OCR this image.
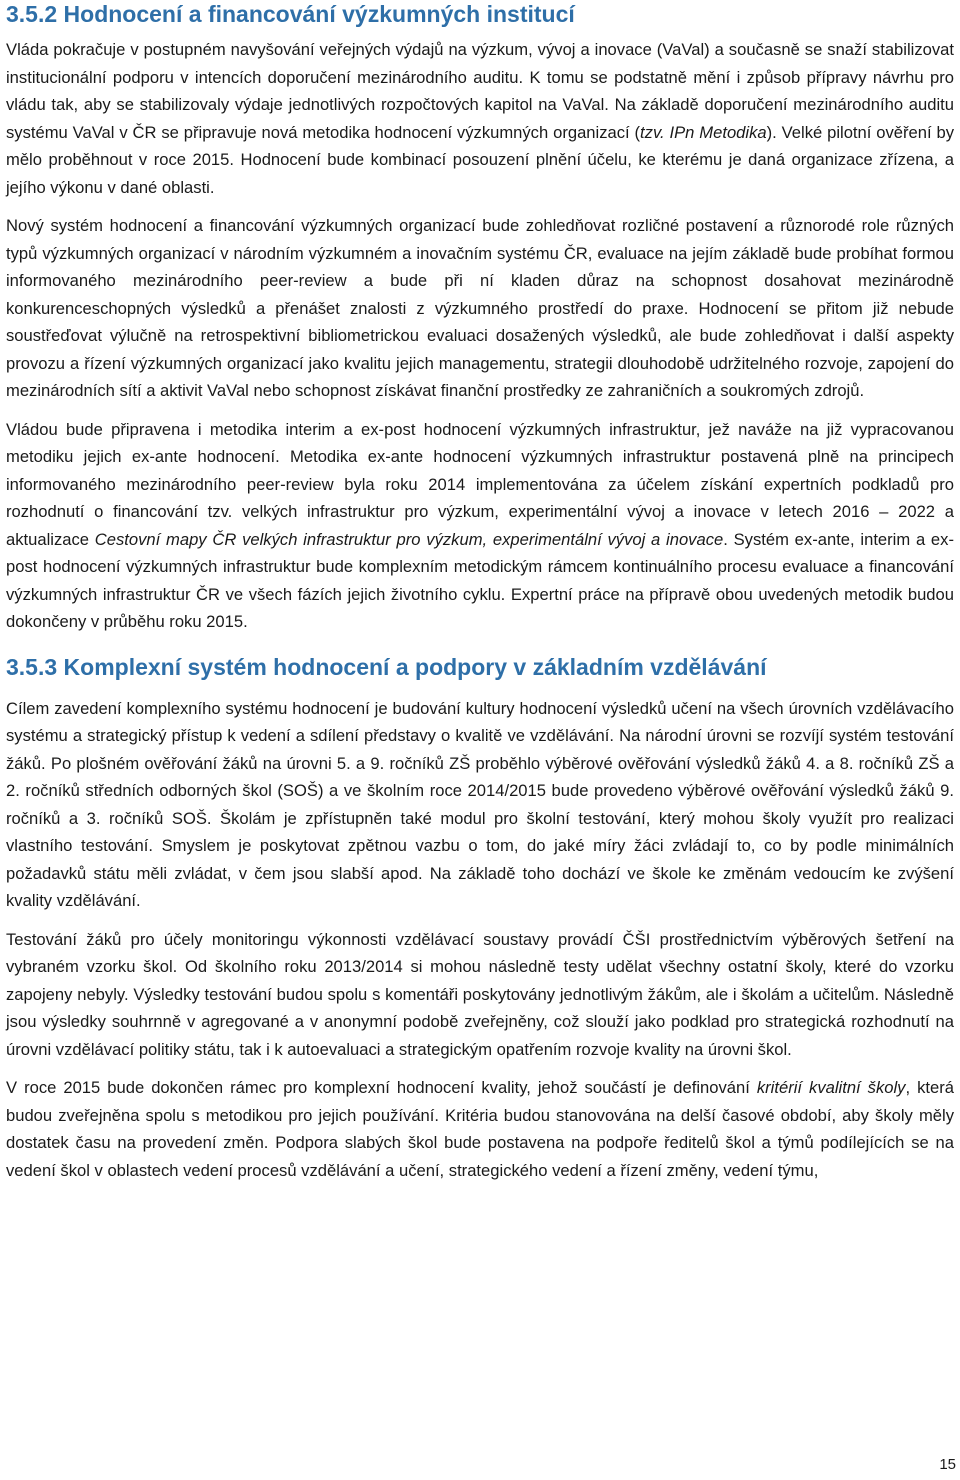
3.5.2 Hodnocení a financování výzkumných institucí

Vláda pokračuje v postupném navyšování veřejných výdajů na výzkum, vývoj a inovace (VaVal) a současně se snaží stabilizovat institucionální podporu v intencích doporučení mezinárodního auditu. K tomu se podstatně mění i způsob přípravy návrhu pro vládu tak, aby se stabilizovaly výdaje jednotlivých rozpočtových kapitol na VaVal. Na základě doporučení mezinárodního auditu systému VaVal v ČR se připravuje nová metodika hodnocení výzkumných organizací (tzv. IPn Metodika). Velké pilotní ověření by mělo proběhnout v roce 2015. Hodnocení bude kombinací posouzení plnění účelu, ke kterému je daná organizace zřízena, a jejího výkonu v dané oblasti.

Nový systém hodnocení a financování výzkumných organizací bude zohledňovat rozličné postavení a různorodé role různých typů výzkumných organizací v národním výzkumném a inovačním systému ČR, evaluace na jejím základě bude probíhat formou informovaného mezinárodního peer-review a bude při ní kladen důraz na schopnost dosahovat mezinárodně konkurenceschopných výsledků a přenášet znalosti z výzkumného prostředí do praxe. Hodnocení se přitom již nebude soustřeďovat výlučně na retrospektivní bibliometrickou evaluaci dosažených výsledků, ale bude zohledňovat i další aspekty provozu a řízení výzkumných organizací jako kvalitu jejich managementu, strategii dlouhodobě udržitelného rozvoje, zapojení do mezinárodních sítí a aktivit VaVal nebo schopnost získávat finanční prostředky ze zahraničních a soukromých zdrojů.

Vládou bude připravena i metodika interim a ex-post hodnocení výzkumných infrastruktur, jež naváže na již vypracovanou metodiku jejich ex-ante hodnocení. Metodika ex-ante hodnocení výzkumných infrastruktur postavená plně na principech informovaného mezinárodního peer-review byla roku 2014 implementována za účelem získání expertních podkladů pro rozhodnutí o financování tzv. velkých infrastruktur pro výzkum, experimentální vývoj a inovace v letech 2016 – 2022 a aktualizace Cestovní mapy ČR velkých infrastruktur pro výzkum, experimentální vývoj a inovace. Systém ex-ante, interim a ex-post hodnocení výzkumných infrastruktur bude komplexním metodickým rámcem kontinuálního procesu evaluace a financování výzkumných infrastruktur ČR ve všech fázích jejich životního cyklu. Expertní práce na přípravě obou uvedených metodik budou dokončeny v průběhu roku 2015.

3.5.3 Komplexní systém hodnocení a podpory v základním vzdělávání

Cílem zavedení komplexního systému hodnocení je budování kultury hodnocení výsledků učení na všech úrovních vzdělávacího systému a strategický přístup k vedení a sdílení představy o kvalitě ve vzdělávání. Na národní úrovni se rozvíjí systém testování žáků. Po plošném ověřování žáků na úrovni 5. a 9. ročníků ZŠ proběhlo výběrové ověřování výsledků žáků 4. a 8. ročníků ZŠ a 2. ročníků středních odborných škol (SOŠ) a ve školním roce 2014/2015 bude provedeno výběrové ověřování výsledků žáků 9. ročníků a 3. ročníků SOŠ. Školám je zpřístupněn také modul pro školní testování, který mohou školy využít pro realizaci vlastního testování. Smyslem je poskytovat zpětnou vazbu o tom, do jaké míry žáci zvládají to, co by podle minimálních požadavků státu měli zvládat, v čem jsou slabší apod. Na základě toho dochází ve škole ke změnám vedoucím ke zvýšení kvality vzdělávání.

Testování žáků pro účely monitoringu výkonnosti vzdělávací soustavy provádí ČŠI prostřednictvím výběrových šetření na vybraném vzorku škol. Od školního roku 2013/2014 si mohou následně testy udělat všechny ostatní školy, které do vzorku zapojeny nebyly. Výsledky testování budou spolu s komentáři poskytovány jednotlivým žákům, ale i školám a učitelům. Následně jsou výsledky souhrnně v agregované a v anonymní podobě zveřejněny, což slouží jako podklad pro strategická rozhodnutí na úrovni vzdělávací politiky státu, tak i k autoevaluaci a strategickým opatřením rozvoje kvality na úrovni škol.

V roce 2015 bude dokončen rámec pro komplexní hodnocení kvality, jehož součástí je definování kritérií kvalitní školy, která budou zveřejněna spolu s metodikou pro jejich používání. Kritéria budou stanovována na delší časové období, aby školy měly dostatek času na provedení změn. Podpora slabých škol bude postavena na podpoře ředitelů škol a týmů podílejících se na vedení škol v oblastech vedení procesů vzdělávání a učení, strategického vedení a řízení změny, vedení týmu,

15
